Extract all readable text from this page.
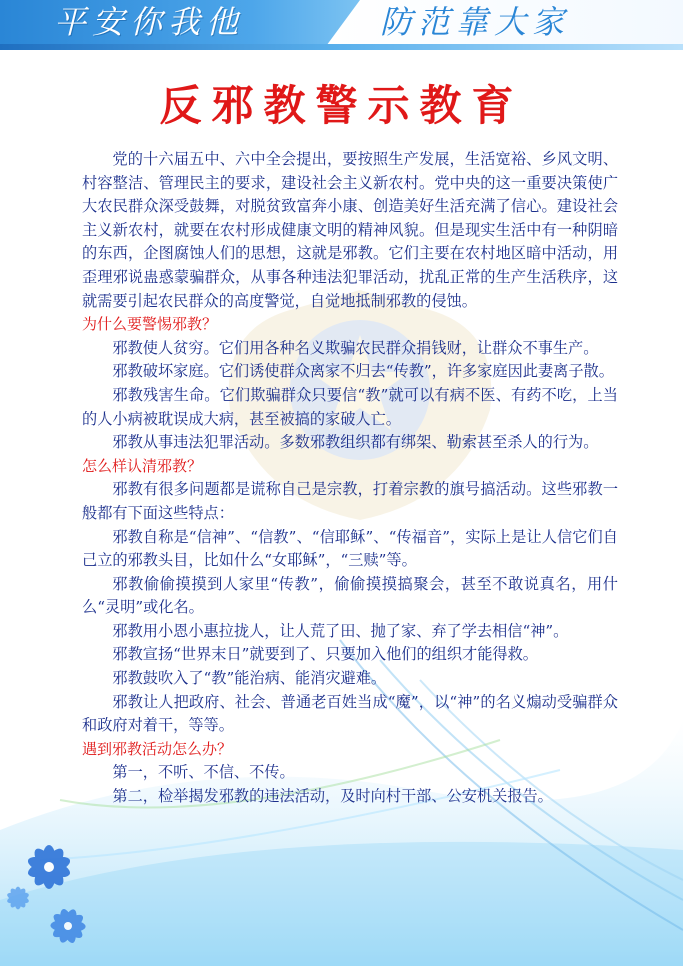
平安你我他	防范靠大家
反邪教警示教育

党的十六届五中、六中全会提出，要按照生产发展，生活宽裕、乡风文明、村容整洁、管理民主的要求，建设社会主义新农村。党中央的这一重要决策使广大农民群众深受鼓舞，对脱贫致富奔小康、创造美好生活充满了信心。建设社会主义新农村，就要在农村形成健康文明的精神风貌。但是现实生活中有一种阴暗的东西，企图腐蚀人们的思想，这就是邪教。它们主要在农村地区暗中活动，用歪理邪说蛊惑蒙骗群众，从事各种违法犯罪活动，扰乱正常的生产生活秩序，这就需要引起农民群众的高度警觉，自觉地抵制邪教的侵蚀。

为什么要警惕邪教？

邪教使人贫穷。它们用各种名义欺骗农民群众捐钱财，让群众不事生产。

邪教破坏家庭。它们诱使群众离家不归去“传教”，许多家庭因此妻离子散。

邪教残害生命。它们欺骗群众只要信“教”就可以有病不医、有药不吃，上当的人小病被耽误成大病，甚至被搞的家破人亡。

邪教从事违法犯罪活动。多数邪教组织都有绑架、勒索甚至杀人的行为。

怎么样认清邪教？

邪教有很多问题都是谎称自己是宗教，打着宗教的旗号搞活动。这些邪教一般都有下面这些特点：

邪教自称是“信神”、“信教”、“信耶稣”、“传福音”，实际上是让人信它们自己立的邪教头目，比如什么“女耶稣”，“三赎”等。

邪教偷偷摸摸到人家里“传教”，偷偷摸摸搞聚会，甚至不敢说真名，用什么“灵明”或化名。

邪教用小恩小惠拉拢人，让人荒了田、抛了家、弃了学去相信“神”。

邪教宣扬“世界末日”就要到了、只要加入他们的组织才能得救。

邪教鼓吹入了“教”能治病、能消灾避难。

邪教让人把政府、社会、普通老百姓当成“魔”，以“神”的名义煽动受骗群众和政府对着干，等等。

遇到邪教活动怎么办？

第一，不听、不信、不传。

第二，检举揭发邪教的违法活动，及时向村干部、公安机关报告。
